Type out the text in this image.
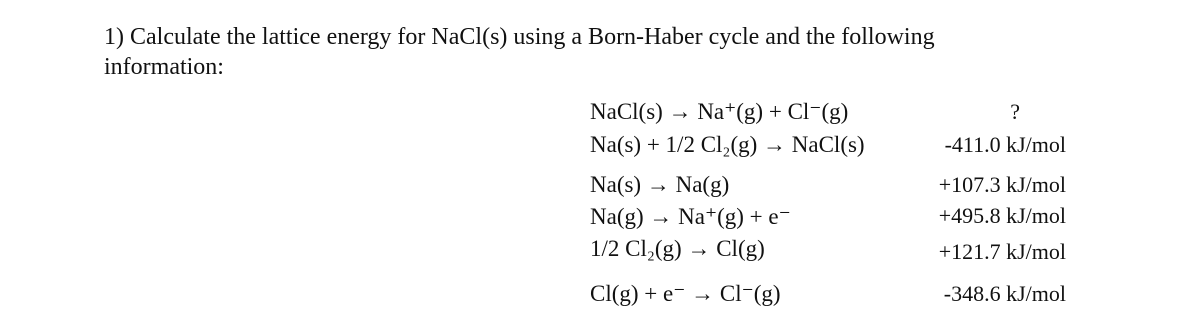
1) Calculate the lattice energy for NaCl(s) using a Born-Haber cycle and the following
information:
NaCl(s) → Na⁺(g) + Cl⁻(g)	?
Na(s) + 1/2 Cl₂(g) → NaCl(s)	-411.0 kJ/mol
Na(s) → Na(g)	+107.3 kJ/mol
Na(g) → Na⁺(g) + e⁻	+495.8 kJ/mol
1/2 Cl₂(g) → Cl(g)	+121.7 kJ/mol
Cl(g) + e⁻ → Cl⁻(g)	-348.6 kJ/mol
